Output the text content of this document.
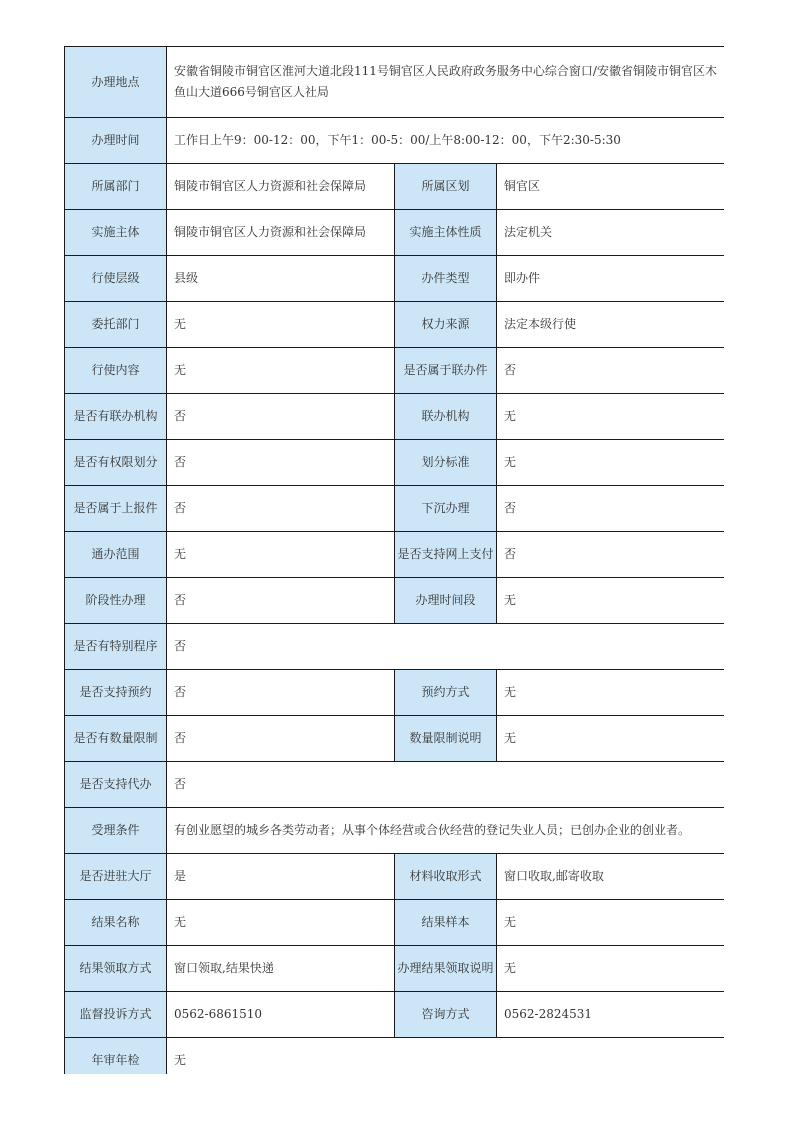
办理地点	安徽省铜陵市铜官区淮河大道北段111号铜官区人民政府政务服务中心综合窗口/安徽省铜陵市铜官区木鱼山大道666号铜官区人社局		
办理时间	工作日上午9：00-12：00，下午1：00-5：00/上午8:00-12：00，下午2:30-5:30		
所属部门	铜陵市铜官区人力资源和社会保障局	所属区划	铜官区
实施主体	铜陵市铜官区人力资源和社会保障局	实施主体性质	法定机关
行使层级	县级	办件类型	即办件
委托部门	无	权力来源	法定本级行使
行使内容	无	是否属于联办件	否
是否有联办机构	否	联办机构	无
是否有权限划分	否	划分标准	无
是否属于上报件	否	下沉办理	否
通办范围	无	是否支持网上支付	否
阶段性办理	否	办理时间段	无
是否有特别程序	否		
是否支持预约	否	预约方式	无
是否有数量限制	否	数量限制说明	无
是否支持代办	否		
受理条件	有创业愿望的城乡各类劳动者；从事个体经营或合伙经营的登记失业人员；已创办企业的创业者。		
是否进驻大厅	是	材料收取形式	窗口收取,邮寄收取
结果名称	无	结果样本	无
结果领取方式	窗口领取,结果快递	办理结果领取说明	无
监督投诉方式	0562-6861510	咨询方式	0562-2824531
年审年检	无		
